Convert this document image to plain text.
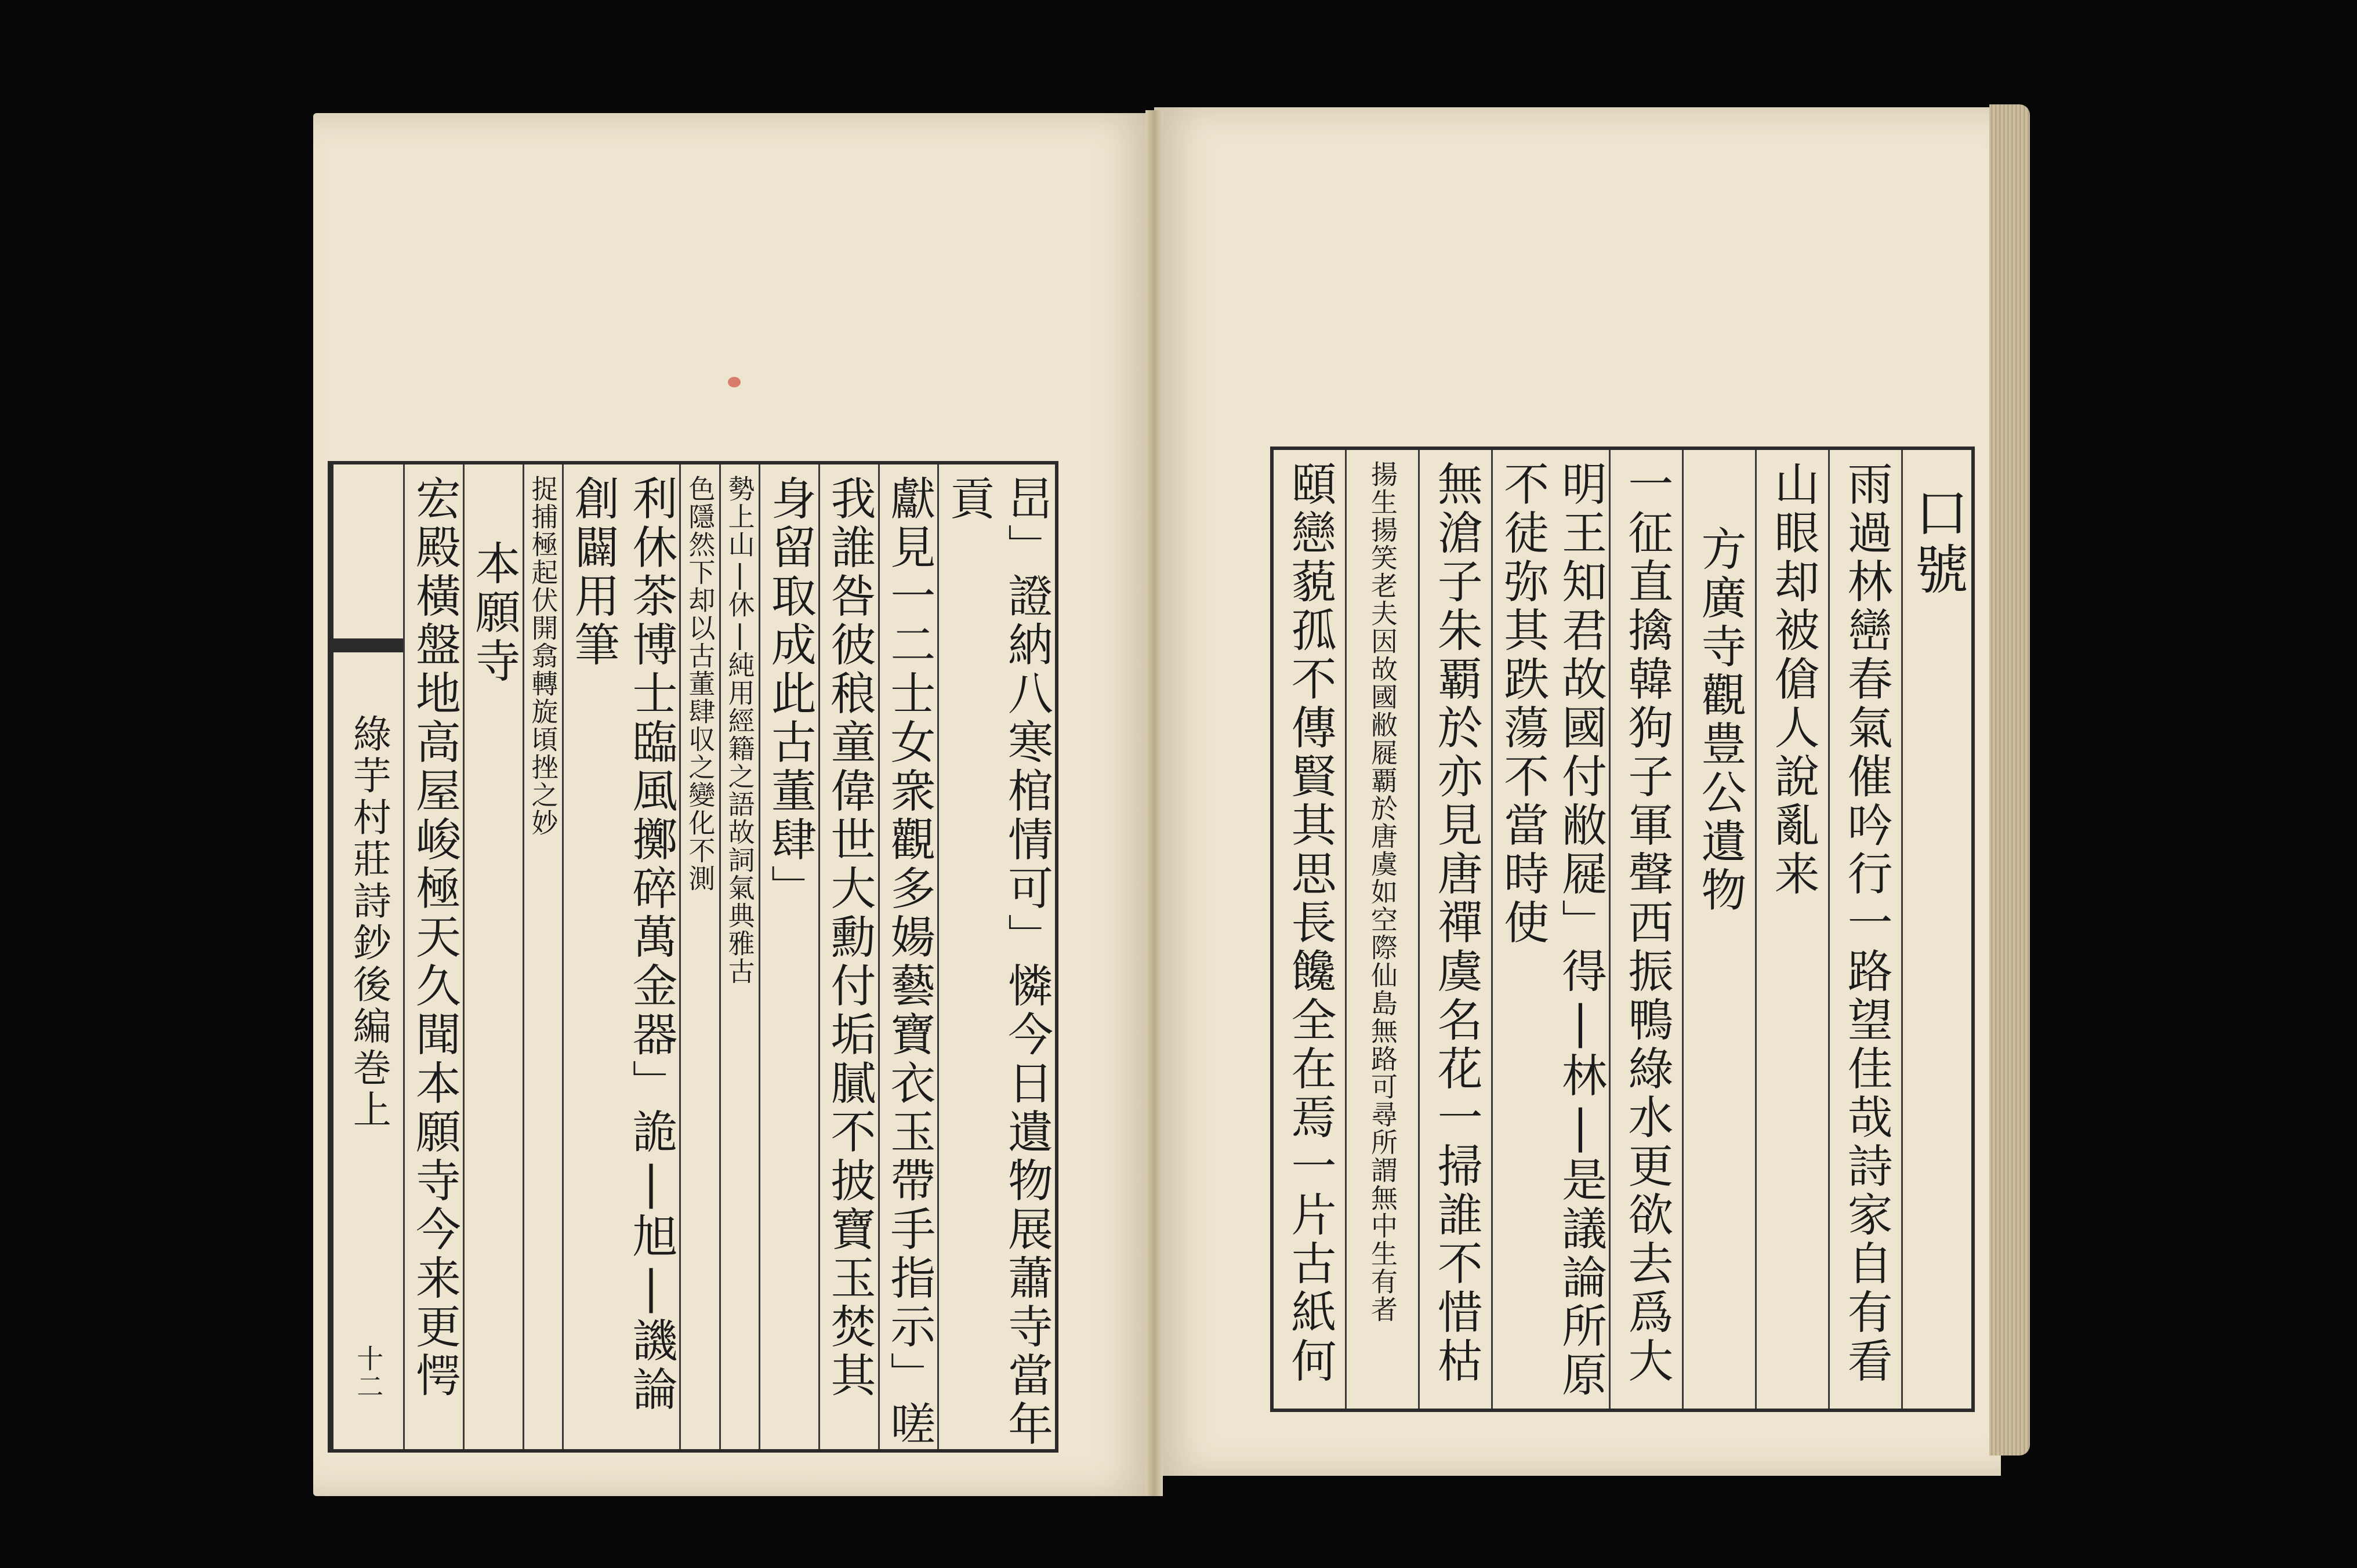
旵」證納八寒棺情可」憐今日遺物展蕭寺當年貢
獻見一二士女衆觀多婸藝寶衣玉帶手指示」嗟
我誰咎彼稂童偉世大勳付垢膩不披寶玉焚其
身留取成此古董肆」
勢上山|休|純用經籍之語故詞氣典雅古
色隱然下却以古董肆収之變化不測
利休茶博士臨風擲碎萬金器」詭|旭|譏論創闢用筆
捉捕極起伏開翕轉旋頃挫之妙
本願寺
宏殿橫盤地高屋峻極天久聞本願寺今来更愕
綠芋村莊詩鈔後編巻上
十二
口號
雨過林巒春氣催吟行一路望佳哉詩家自有看
山眼却被傖人說亂来
方廣寺觀豊公遺物
一征直擒韓狗子軍聲西振鴨綠水更欲去爲大
明王知君故國付敝屣」得|林|是議論所原不徒弥其跌蕩不當時使
無滄子朱覇於亦見唐禪虞名花一掃誰不惜枯
揚生揚笑老夫因故國敝屣覇於唐虞如空際仙島無路可尋所謂無中生有者
頤戀藐孤不傳賢其思長饞全在焉一片古紙何
